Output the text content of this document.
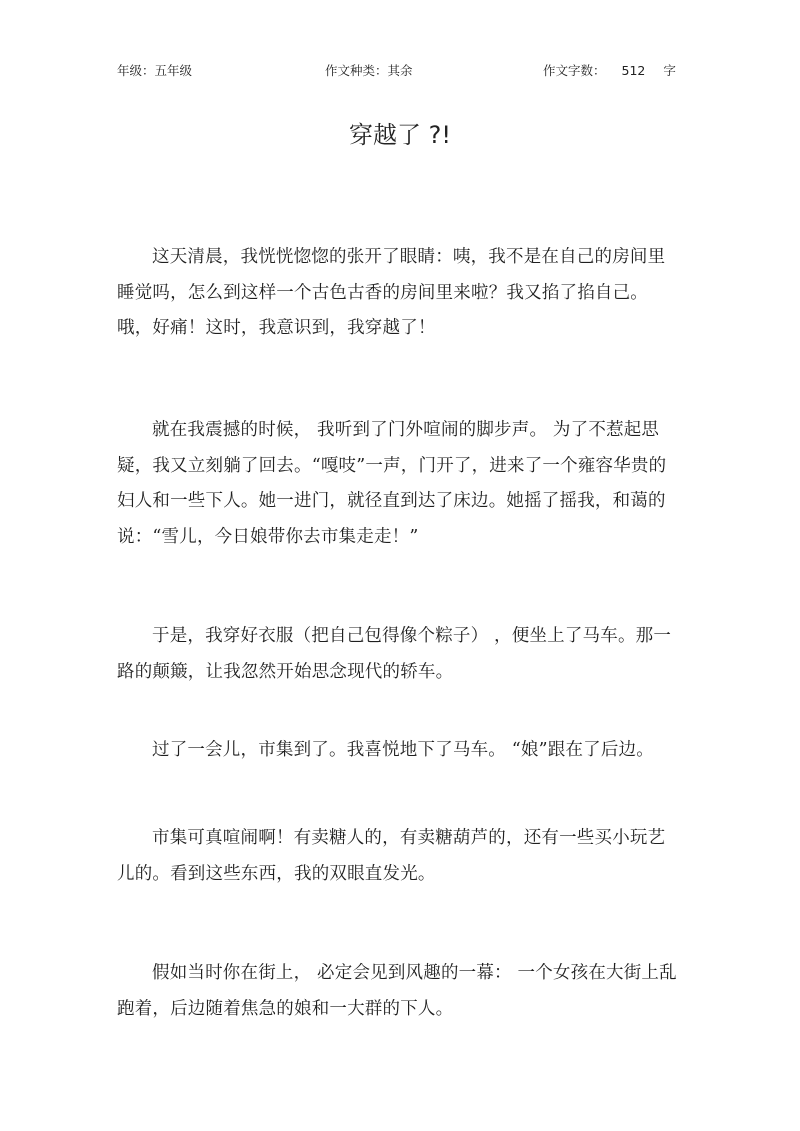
年级：五年级	作文种类：其余	作文字数： 512 字
穿越了 ?!

这天清晨，我恍恍惚惚的张开了眼睛：咦，我不是在自己的房间里睡觉吗，怎么到这样一个古色古香的房间里来啦？我又掐了掐自己。哦，好痛！这时，我意识到，我穿越了！

就在我震撼的时候， 我听到了门外喧闹的脚步声。 为了不惹起思疑，我又立刻躺了回去。“嘎吱”一声，门开了，进来了一个雍容华贵的妇人和一些下人。她一进门，就径直到达了床边。她摇了摇我，和蔼的说：“雪儿，今日娘带你去市集走走！”

于是，我穿好衣服（把自己包得像个粽子） ，便坐上了马车。那一路的颠簸，让我忽然开始思念现代的轿车。

过了一会儿，市集到了。我喜悦地下了马车。 “娘”跟在了后边。

市集可真喧闹啊！有卖糖人的，有卖糖葫芦的，还有一些买小玩艺儿的。看到这些东西，我的双眼直发光。

假如当时你在街上， 必定会见到风趣的一幕： 一个女孩在大街上乱跑着，后边随着焦急的娘和一大群的下人。
